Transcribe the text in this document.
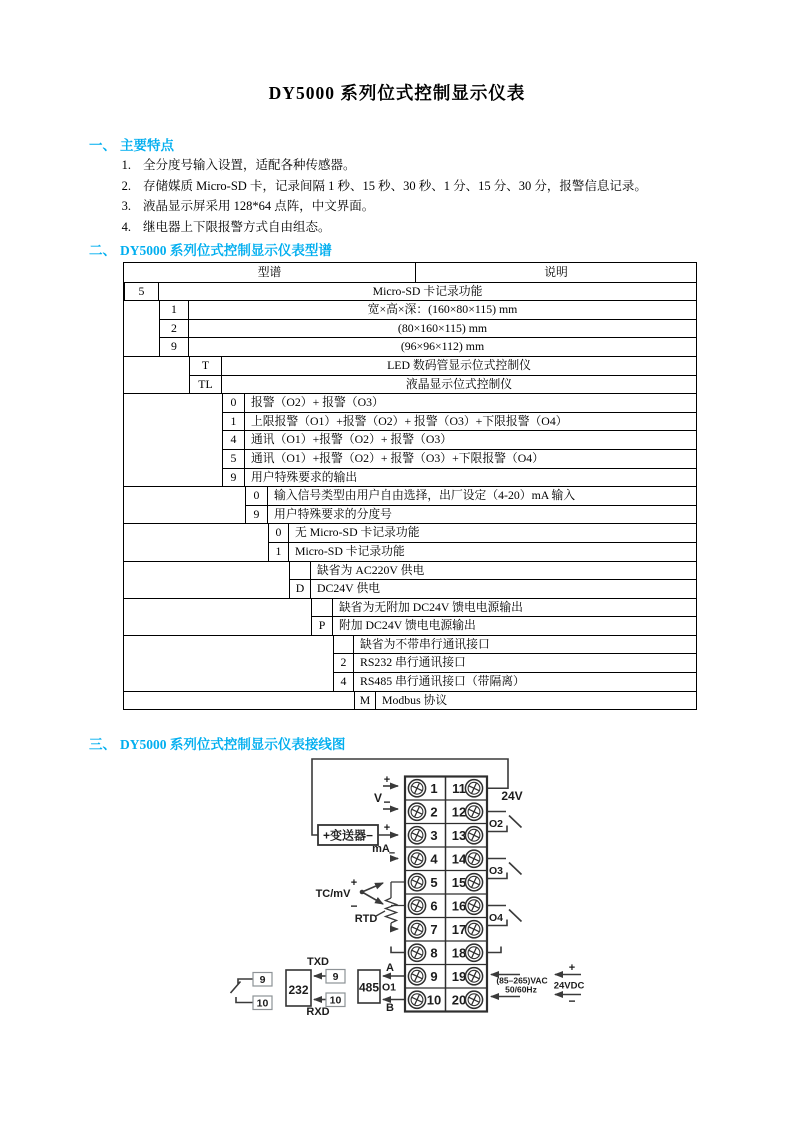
DY5000 系列位式控制显示仪表
一、 主要特点
1. 全分度号输入设置，适配各种传感器。
2. 存储媒质 Micro-SD 卡，记录间隔 1 秒、15 秒、30 秒、1 分、15 分、30 分，报警信息记录。
3. 液晶显示屏采用 128*64 点阵，中文界面。
4. 继电器上下限报警方式自由组态。
二、 DY5000 系列位式控制显示仪表型谱
型谱	说明
5	Micro-SD 卡记录功能
1	宽×高×深：(160×80×115) mm
2	(80×160×115) mm
9	(96×96×112) mm
T	LED 数码管显示位式控制仪
TL	液晶显示位式控制仪
0	报警（O2）+ 报警（O3）
1	上限报警（O1）+报警（O2）+ 报警（O3）+下限报警（O4）
4	通讯（O1）+报警（O2）+ 报警（O3）
5	通讯（O1）+报警（O2）+ 报警（O3）+下限报警（O4）
9	用户特殊要求的输出
0	输入信号类型由用户自由选择，出厂设定（4-20）mA 输入
9	用户特殊要求的分度号
0	无 Micro-SD 卡记录功能
1	Micro-SD 卡记录功能
缺省为 AC220V 供电
D	DC24V 供电
缺省为无附加 DC24V 馈电电源输出
P	附加 DC24V 馈电电源输出
缺省为不带串行通讯接口
2	RS232 串行通讯接口
4	RS485 串行通讯接口（带隔离）
M Modbus 协议
三、 DY5000 系列位式控制显示仪表接线图
24V
+
V −
+变送器−
+
mA
−
+
TC/mV
−
RTD
O2
O3
O4
9
10
232
TXD
RXD
9
10
485
A
O1
B
(85–265)VAC
50/60Hz
+
24VDC
−
1 11
2 12
3 13
4 14
5 15
6 16
7 17
8 18
9 19
10 20
